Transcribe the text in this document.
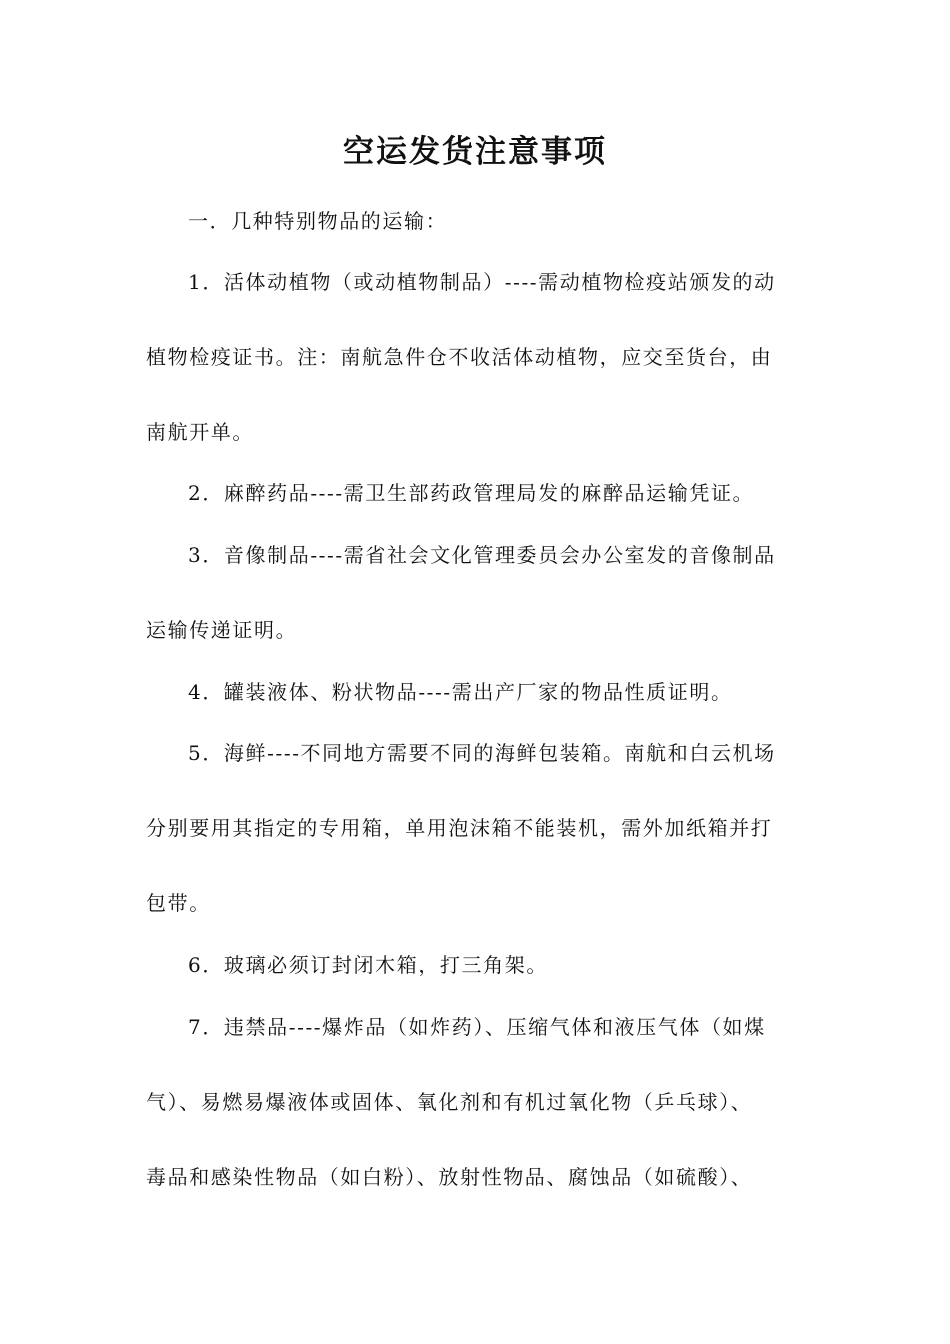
空运发货注意事项
一．几种特别物品的运输：
1．活体动植物（或动植物制品）----需动植物检疫站颁发的动
植物检疫证书。注：南航急件仓不收活体动植物，应交至货台，由
南航开单。
2．麻醉药品----需卫生部药政管理局发的麻醉品运输凭证。
3．音像制品----需省社会文化管理委员会办公室发的音像制品
运输传递证明。
4．罐装液体、粉状物品----需出产厂家的物品性质证明。
5．海鲜----不同地方需要不同的海鲜包装箱。南航和白云机场
分别要用其指定的专用箱，单用泡沫箱不能装机，需外加纸箱并打
包带。
6．玻璃必须订封闭木箱，打三角架。
7．违禁品----爆炸品（如炸药）、压缩气体和液压气体（如煤
气）、易燃易爆液体或固体、氧化剂和有机过氧化物（乒乓球）、
毒品和感染性物品（如白粉）、放射性物品、腐蚀品（如硫酸）、
